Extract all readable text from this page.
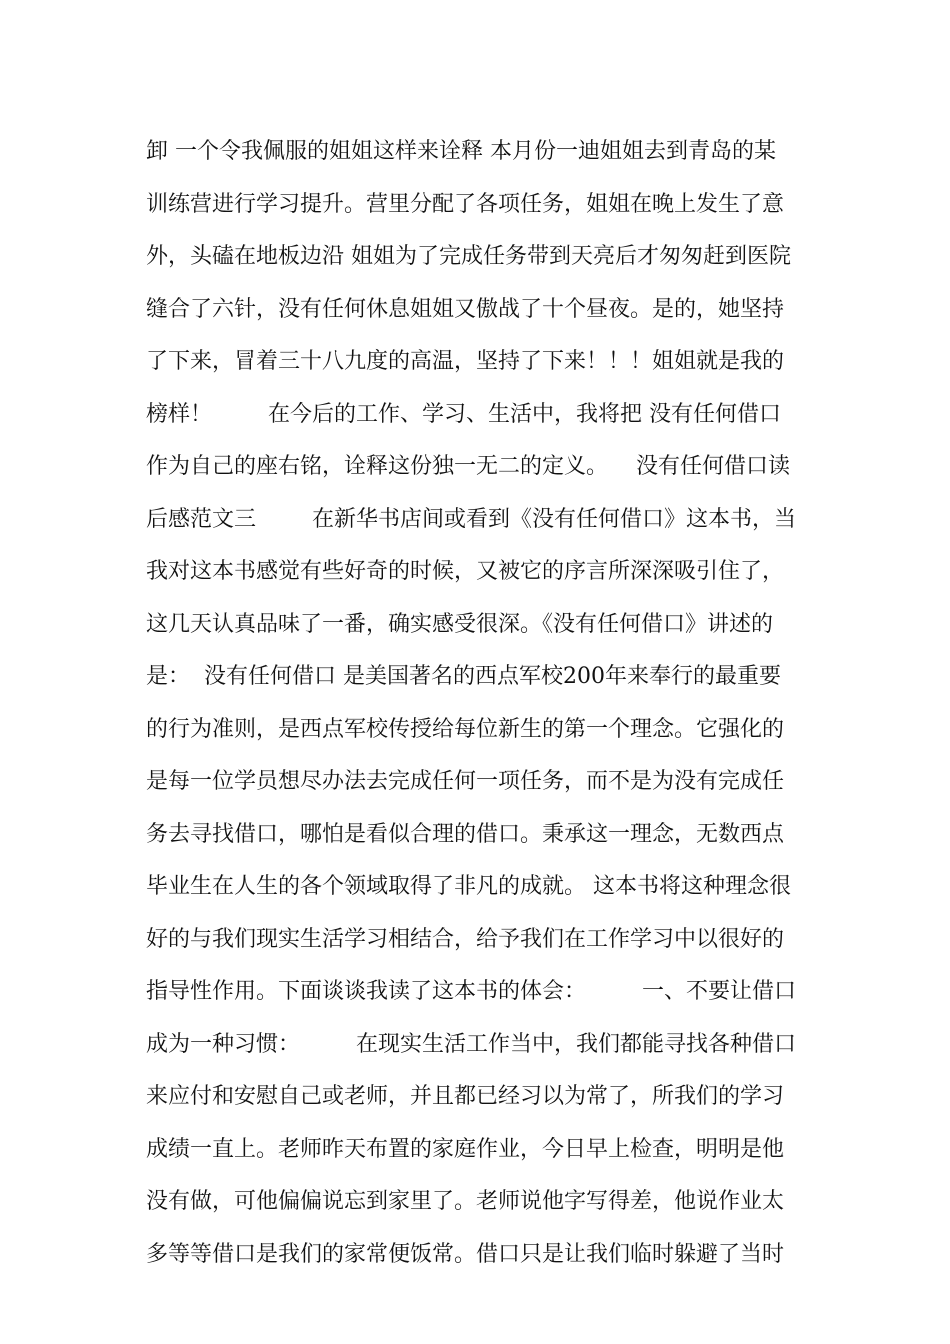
卸 一个令我佩服的姐姐这样来诠释 本月份一迪姐姐去到青岛的某
训练营进行学习提升。营里分配了各项任务，姐姐在晚上发生了意
外，头磕在地板边沿 姐姐为了完成任务带到天亮后才匆匆赶到医院
缝合了六针，没有任何休息姐姐又傲战了十个昼夜。是的，她坚持
了下来，冒着三十八九度的高温，坚持了下来！！！姐姐就是我的
榜样！        在今后的工作、学习、生活中，我将把 没有任何借口
作为自己的座右铭，诠释这份独一无二的定义。    没有任何借口读
后感范文三        在新华书店间或看到《没有任何借口》这本书，当
我对这本书感觉有些好奇的时候，又被它的序言所深深吸引住了，
这几天认真品味了一番，确实感受很深。《没有任何借口》讲述的
是：  没有任何借口 是美国著名的西点军校200年来奉行的最重要
的行为准则，是西点军校传授给每位新生的第一个理念。它强化的
是每一位学员想尽办法去完成任何一项任务，而不是为没有完成任
务去寻找借口，哪怕是看似合理的借口。秉承这一理念，无数西点
毕业生在人生的各个领域取得了非凡的成就。 这本书将这种理念很
好的与我们现实生活学习相结合，给予我们在工作学习中以很好的
指导性作用。下面谈谈我读了这本书的体会：        一、不要让借口
成为一种习惯：        在现实生活工作当中，我们都能寻找各种借口
来应付和安慰自己或老师，并且都已经习以为常了，所我们的学习
成绩一直上。老师昨天布置的家庭作业，今日早上检查，明明是他
没有做，可他偏偏说忘到家里了。老师说他字写得差，他说作业太
多等等借口是我们的家常便饭常。借口只是让我们临时躲避了当时
